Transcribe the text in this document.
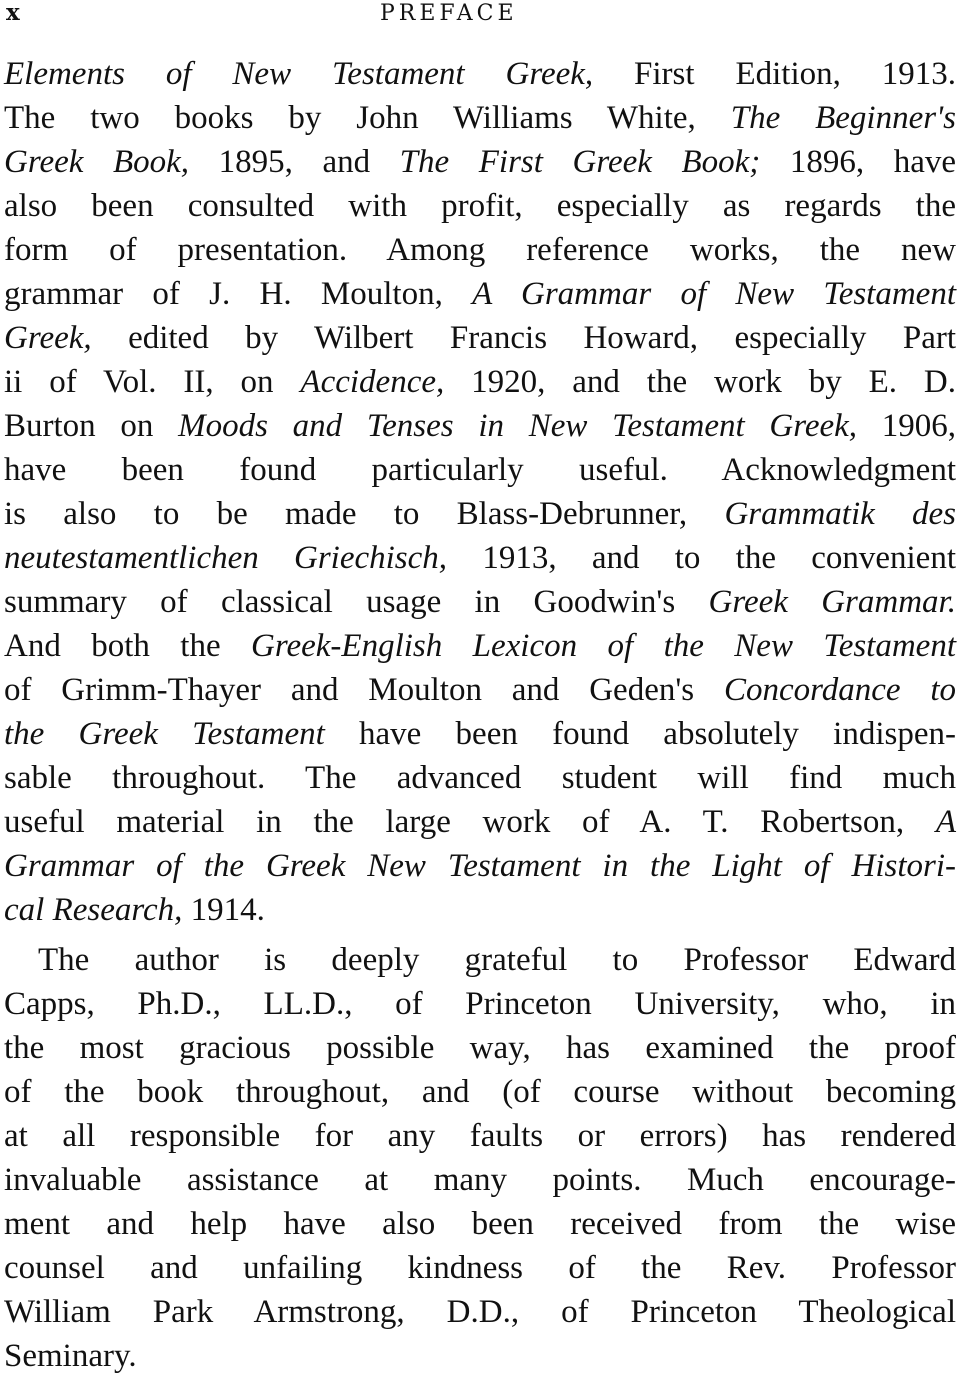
x	PREFACE
Elements of New Testament Greek, First Edition, 1913.
The two books by John Williams White, The Beginner's
Greek Book, 1895, and The First Greek Book; 1896, have
also been consulted with profit, especially as regards the
form of presentation. Among reference works, the new
grammar of J. H. Moulton, A Grammar of New Testament
Greek, edited by Wilbert Francis Howard, especially Part
ii of Vol. II, on Accidence, 1920, and the work by E. D.
Burton on Moods and Tenses in New Testament Greek, 1906,
have been found particularly useful. Acknowledgment
is also to be made to Blass-Debrunner, Grammatik des
neutestamentlichen Griechisch, 1913, and to the convenient
summary of classical usage in Goodwin's Greek Grammar.
And both the Greek-English Lexicon of the New Testament
of Grimm-Thayer and Moulton and Geden's Concordance to
the Greek Testament have been found absolutely indispen-
sable throughout. The advanced student will find much
useful material in the large work of A. T. Robertson, A
Grammar of the Greek New Testament in the Light of Histori-
cal Research, 1914.
The author is deeply grateful to Professor Edward
Capps, Ph.D., LL.D., of Princeton University, who, in
the most gracious possible way, has examined the proof
of the book throughout, and (of course without becoming
at all responsible for any faults or errors) has rendered
invaluable assistance at many points. Much encourage-
ment and help have also been received from the wise
counsel and unfailing kindness of the Rev. Professor
William Park Armstrong, D.D., of Princeton Theological
Seminary.
